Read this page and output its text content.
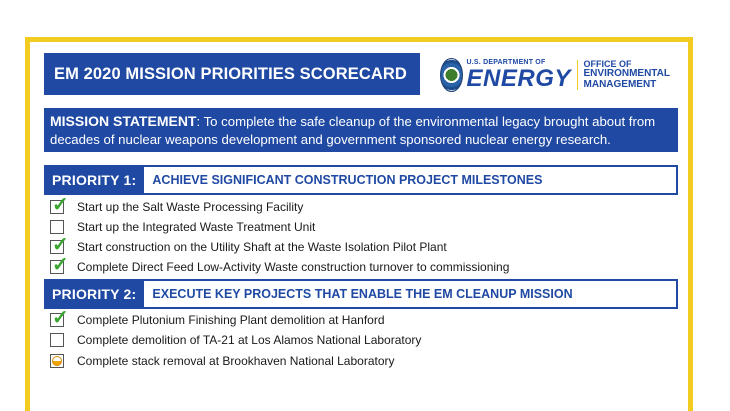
EM 2020 MISSION PRIORITIES SCORECARD
U.S. DEPARTMENT OF
ENERGY
OFFICE OF
ENVIRONMENTAL
MANAGEMENT
MISSION STATEMENT: To complete the safe cleanup of the environmental legacy brought about from decades of nuclear weapons development and government sponsored nuclear energy research.
PRIORITY 1:	ACHIEVE SIGNIFICANT CONSTRUCTION PROJECT MILESTONES
✓ Start up the Salt Waste Processing Facility
Start up the Integrated Waste Treatment Unit
✓ Start construction on the Utility Shaft at the Waste Isolation Pilot Plant
✓ Complete Direct Feed Low-Activity Waste construction turnover to commissioning
PRIORITY 2:	EXECUTE KEY PROJECTS THAT ENABLE THE EM CLEANUP MISSION
✓ Complete Plutonium Finishing Plant demolition at Hanford
Complete demolition of TA-21 at Los Alamos National Laboratory
Complete stack removal at Brookhaven National Laboratory
